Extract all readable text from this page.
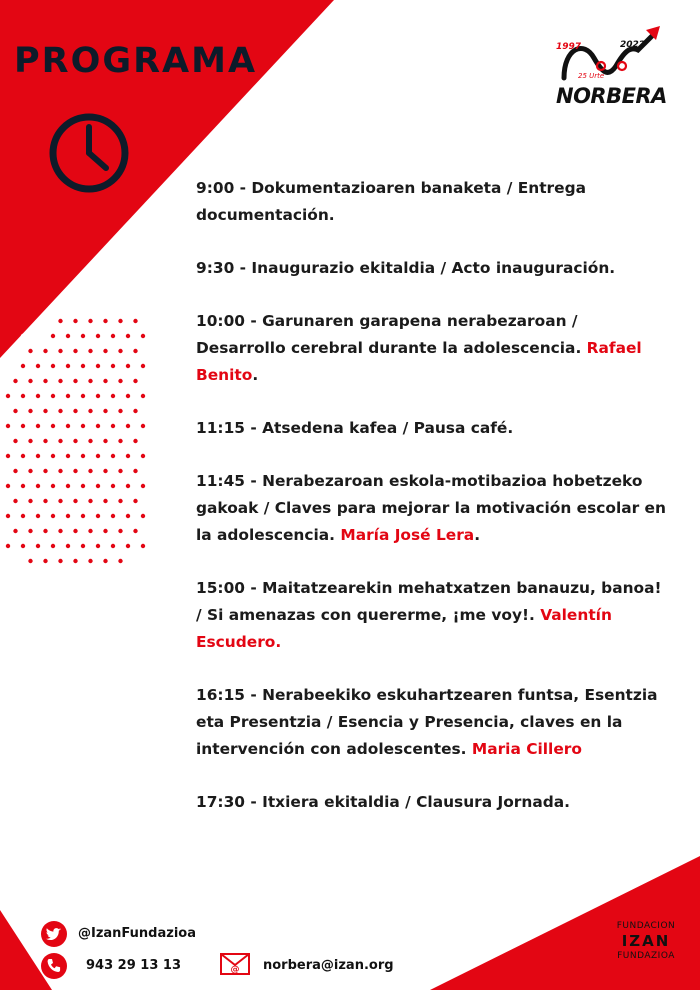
PROGRAMA	1997	2022
25 Urte
NORBERA

9:00 - Dokumentazioaren banaketa / Entrega documentación.

9:30 - Inaugurazio ekitaldia / Acto inauguración.

10:00 - Garunaren garapena nerabezaroan / Desarrollo cerebral durante la adolescencia. Rafael Benito.

11:15 - Atsedena kafea / Pausa café.

11:45 - Nerabezaroan eskola-motibazioa hobetzeko gakoak / Claves para mejorar la motivación escolar en la adolescencia. María José Lera.

15:00 - Maitatzearekin mehatxatzen banauzu, banoa! / Si amenazas con quererme, ¡me voy!. Valentín Escudero.

16:15 - Nerabeekiko eskuhartzearen funtsa, Esentzia eta Presentzia / Esencia y Presencia, claves en la intervención con adolescentes. Maria Cillero

17:30 - Itxiera ekitaldia / Clausura Jornada.

@IzanFundazioa
943 29 13 13	@ norbera@izan.org
FUNDACION
IZAN
FUNDAZIOA
